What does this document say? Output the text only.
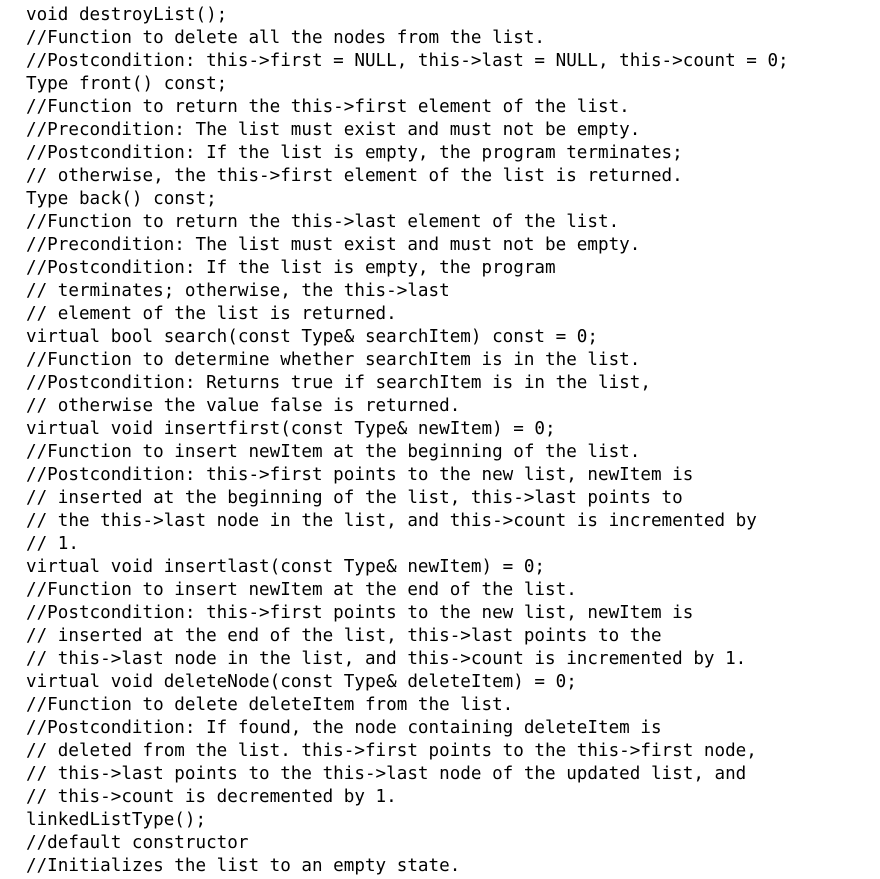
void destroyList();
//Function to delete all the nodes from the list.
//Postcondition: this->first = NULL, this->last = NULL, this->count = 0;
Type front() const;
//Function to return the this->first element of the list.
//Precondition: The list must exist and must not be empty.
//Postcondition: If the list is empty, the program terminates;
// otherwise, the this->first element of the list is returned.
Type back() const;
//Function to return the this->last element of the list.
//Precondition: The list must exist and must not be empty.
//Postcondition: If the list is empty, the program
// terminates; otherwise, the this->last
// element of the list is returned.
virtual bool search(const Type& searchItem) const = 0;
//Function to determine whether searchItem is in the list.
//Postcondition: Returns true if searchItem is in the list,
// otherwise the value false is returned.
virtual void insertfirst(const Type& newItem) = 0;
//Function to insert newItem at the beginning of the list.
//Postcondition: this->first points to the new list, newItem is
// inserted at the beginning of the list, this->last points to
// the this->last node in the list, and this->count is incremented by
// 1.
virtual void insertlast(const Type& newItem) = 0;
//Function to insert newItem at the end of the list.
//Postcondition: this->first points to the new list, newItem is
// inserted at the end of the list, this->last points to the
// this->last node in the list, and this->count is incremented by 1.
virtual void deleteNode(const Type& deleteItem) = 0;
//Function to delete deleteItem from the list.
//Postcondition: If found, the node containing deleteItem is
// deleted from the list. this->first points to the this->first node,
// this->last points to the this->last node of the updated list, and
// this->count is decremented by 1.
linkedListType();
//default constructor
//Initializes the list to an empty state.
